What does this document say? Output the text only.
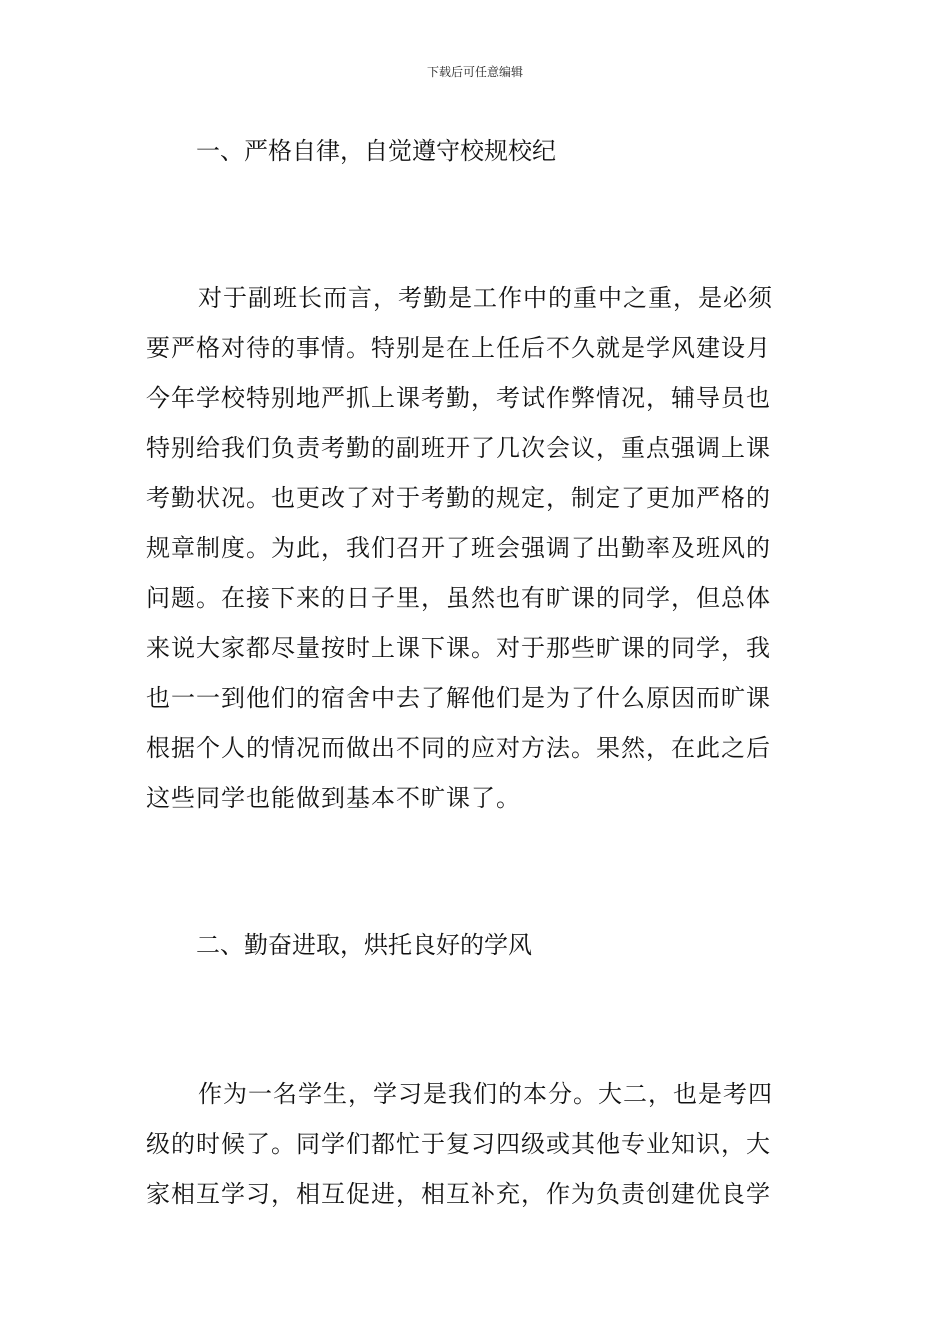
下载后可任意编辑
一、严格自律，自觉遵守校规校纪
对于副班长而言，考勤是工作中的重中之重，是必须
要严格对待的事情。特别是在上任后不久就是学风建设月
今年学校特别地严抓上课考勤，考试作弊情况，辅导员也
特别给我们负责考勤的副班开了几次会议，重点强调上课
考勤状况。也更改了对于考勤的规定，制定了更加严格的
规章制度。为此，我们召开了班会强调了出勤率及班风的
问题。在接下来的日子里，虽然也有旷课的同学，但总体
来说大家都尽量按时上课下课。对于那些旷课的同学，我
也一一到他们的宿舍中去了解他们是为了什么原因而旷课
根据个人的情况而做出不同的应对方法。果然，在此之后
这些同学也能做到基本不旷课了。
二、勤奋进取，烘托良好的学风
作为一名学生，学习是我们的本分。大二，也是考四
级的时候了。同学们都忙于复习四级或其他专业知识，大
家相互学习，相互促进，相互补充，作为负责创建优良学
